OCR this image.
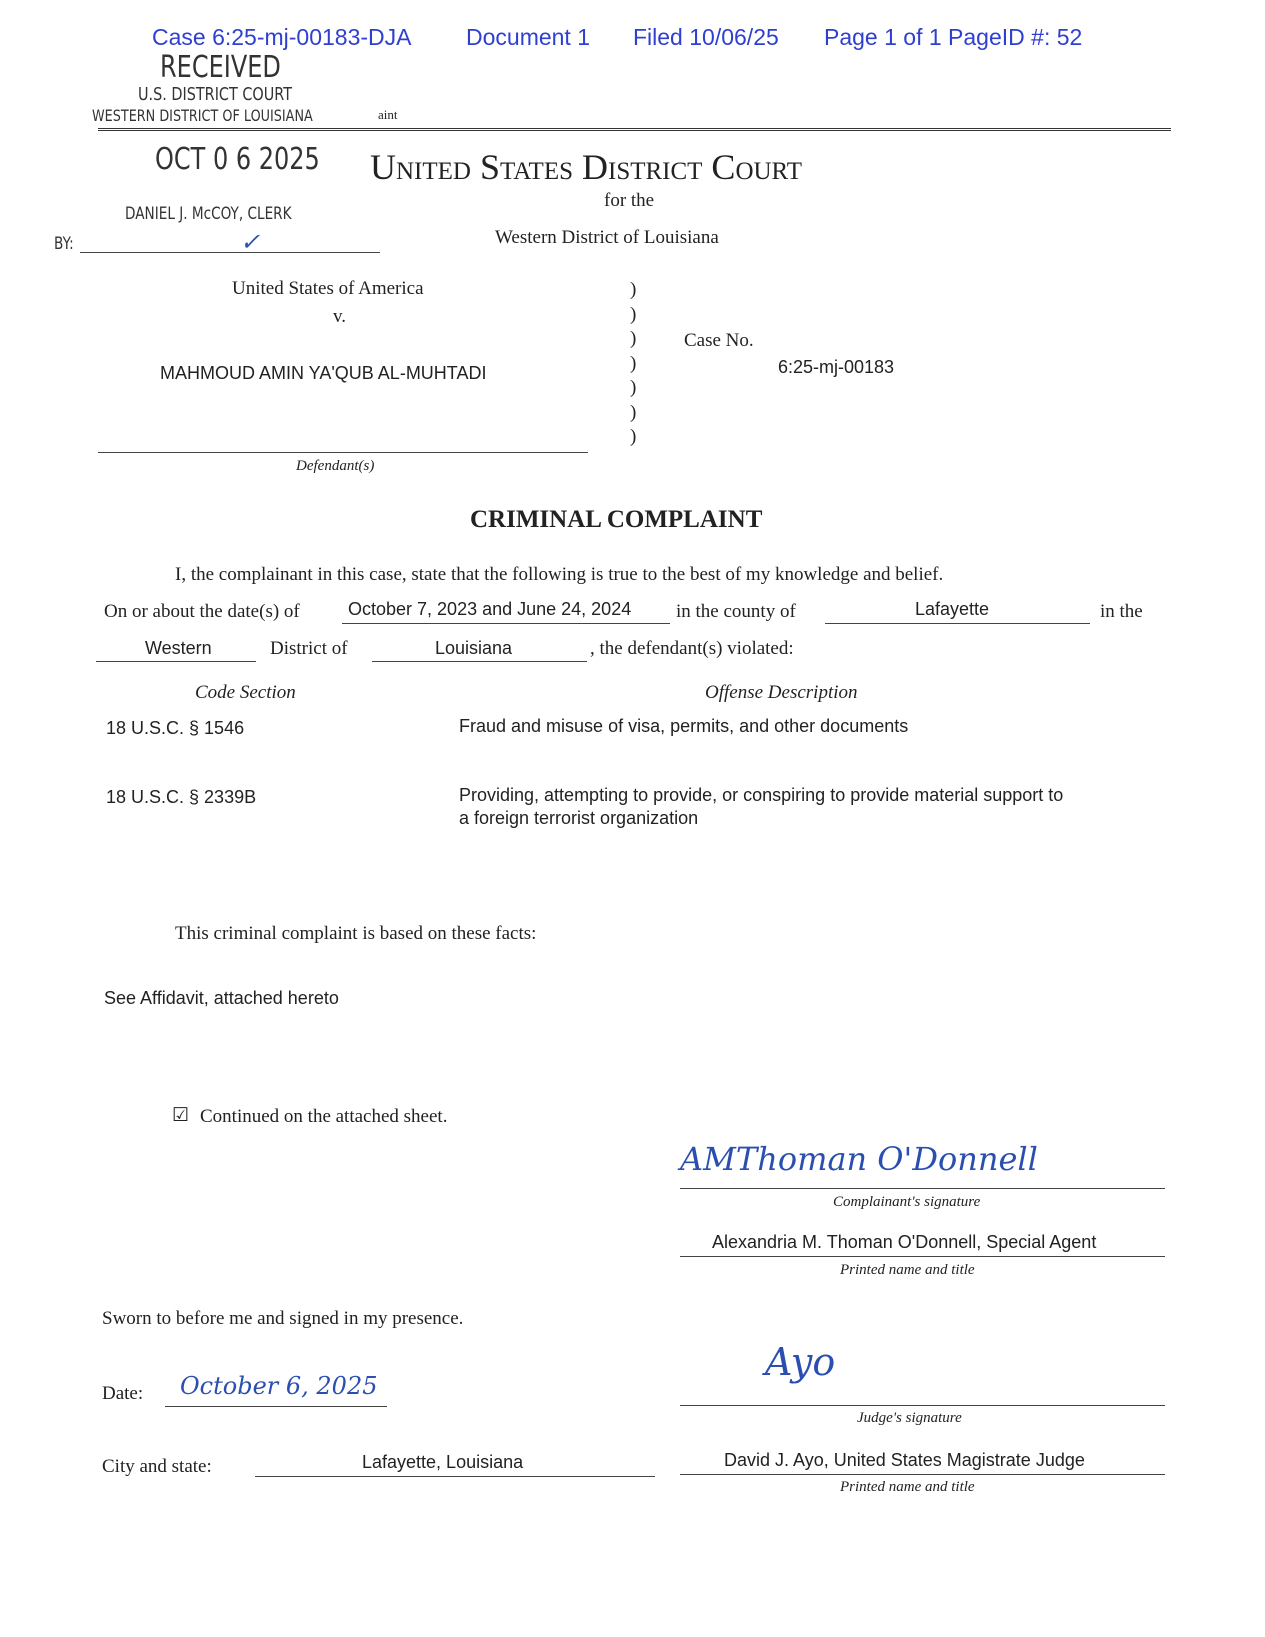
Case 6:25-mj-00183-DJA Document 1 Filed 10/06/25 Page 1 of 1 PageID #: 52
RECEIVED
U.S. DISTRICT COURT
WESTERN DISTRICT OF LOUISIANA	aint
OCT 0 6 2025
DANIEL J. McCOY, CLERK
BY:	✓
United States District Court
for the
Western District of Louisiana
United States of America
v.
MAHMOUD AMIN YA'QUB AL-MUHTADI
Defendant(s)
Case No.
6:25-mj-00183
)
)
)
)
)
)
)
CRIMINAL COMPLAINT
I, the complainant in this case, state that the following is true to the best of my knowledge and belief.
On or about the date(s) of	October 7, 2023 and June 24, 2024 in the county of	Lafayette	in the
Western	District of	Louisiana	, the defendant(s) violated:
Code Section	Offense Description
18 U.S.C. § 1546	Fraud and misuse of visa, permits, and other documents
18 U.S.C. § 2339B	Providing, attempting to provide, or conspiring to provide material support to
a foreign terrorist organization
This criminal complaint is based on these facts:
See Affidavit, attached hereto
☑ Continued on the attached sheet.
AMThoman O'Donnell
Complainant's signature
Alexandria M. Thoman O'Donnell, Special Agent
Printed name and title
Sworn to before me and signed in my presence.
Date: October 6, 2025
City and state:	Lafayette, Louisiana
Ayo
Judge's signature
David J. Ayo, United States Magistrate Judge
Printed name and title
